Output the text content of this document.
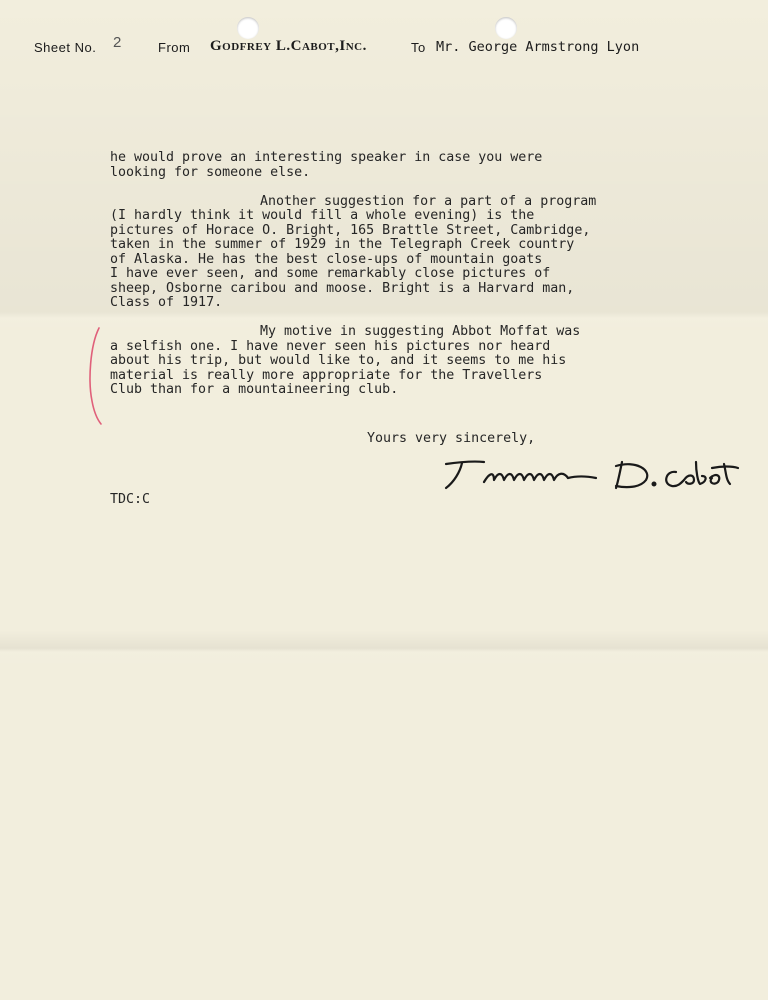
Sheet No. 2	From Godfrey L.Cabot,Inc.	To Mr. George Armstrong Lyon
he would prove an interesting speaker in case you were
looking for someone else.
Another suggestion for a part of a program
(I hardly think it would fill a whole evening) is the
pictures of Horace O. Bright, 165 Brattle Street, Cambridge,
taken in the summer of 1929 in the Telegraph Creek country
of Alaska. He has the best close-ups of mountain goats
I have ever seen, and some remarkably close pictures of
sheep, Osborne caribou and moose. Bright is a Harvard man,
Class of 1917.
My motive in suggesting Abbot Moffat was
a selfish one. I have never seen his pictures nor heard
about his trip, but would like to, and it seems to me his
material is really more appropriate for the Travellers
Club than for a mountaineering club.
Yours very sincerely,
TDC:C
